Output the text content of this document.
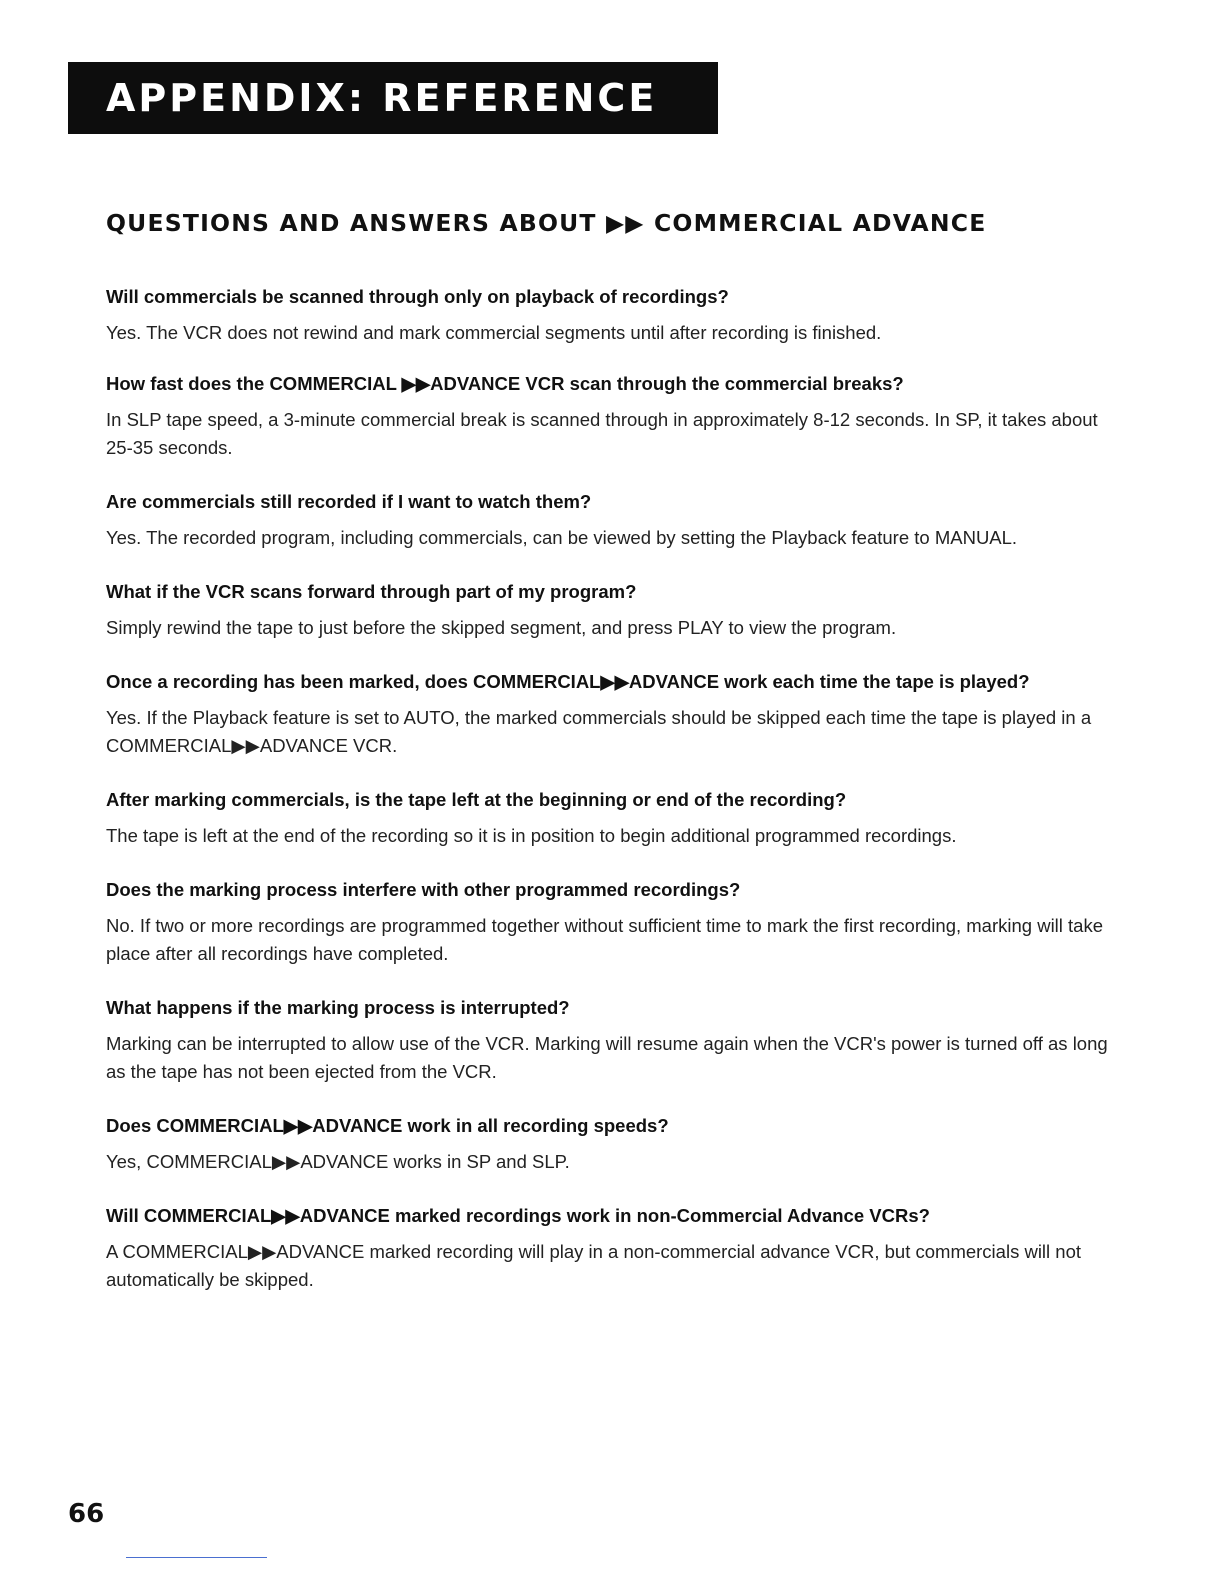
APPENDIX: REFERENCE
QUESTIONS AND ANSWERS ABOUT ▶▶ COMMERCIAL ADVANCE

Will commercials be scanned through only on playback of recordings?

Yes. The VCR does not rewind and mark commercial segments until after recording is finished.

How fast does the COMMERCIAL ▶▶ADVANCE VCR scan through the commercial breaks?

In SLP tape speed, a 3-minute commercial break is scanned through in approximately 8-12 seconds. In SP, it takes about 25-35 seconds.

Are commercials still recorded if I want to watch them?

Yes. The recorded program, including commercials, can be viewed by setting the Playback feature to MANUAL.

What if the VCR scans forward through part of my program?

Simply rewind the tape to just before the skipped segment, and press PLAY to view the program.

Once a recording has been marked, does COMMERCIAL▶▶ADVANCE work each time the tape is played?

Yes. If the Playback feature is set to AUTO, the marked commercials should be skipped each time the tape is played in a COMMERCIAL▶▶ADVANCE VCR.

After marking commercials, is the tape left at the beginning or end of the recording?

The tape is left at the end of the recording so it is in position to begin additional programmed recordings.

Does the marking process interfere with other programmed recordings?

No. If two or more recordings are programmed together without sufficient time to mark the first recording, marking will take place after all recordings have completed.

What happens if the marking process is interrupted?

Marking can be interrupted to allow use of the VCR. Marking will resume again when the VCR's power is turned off as long as the tape has not been ejected from the VCR.

Does COMMERCIAL▶▶ADVANCE work in all recording speeds?

Yes, COMMERCIAL▶▶ADVANCE works in SP and SLP.

Will COMMERCIAL▶▶ADVANCE marked recordings work in non-Commercial Advance VCRs?

A COMMERCIAL▶▶ADVANCE marked recording will play in a non-commercial advance VCR, but commercials will not automatically be skipped.

66
